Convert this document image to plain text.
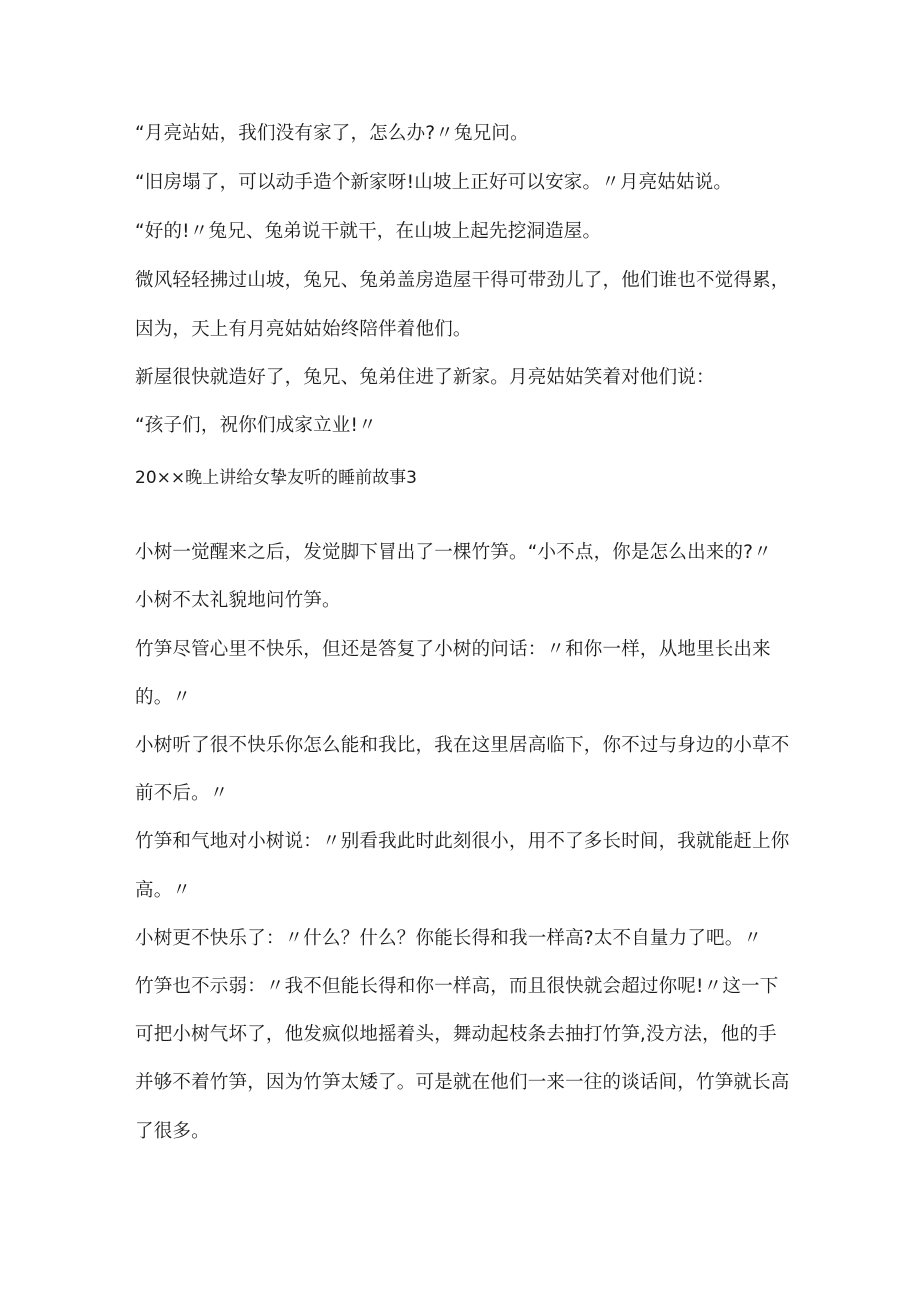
“月亮站姑，我们没有家了，怎么办?〃兔兄问。
“旧房塌了，可以动手造个新家呀!山坡上正好可以安家。〃月亮姑姑说。
“好的!〃兔兄、兔弟说干就干，在山坡上起先挖洞造屋。
微风轻轻拂过山坡，兔兄、兔弟盖房造屋干得可带劲儿了，他们谁也不觉得累，
因为，天上有月亮姑姑始终陪伴着他们。
新屋很快就造好了，兔兄、兔弟住进了新家。月亮姑姑笑着对他们说：
“孩子们，祝你们成家立业!〃
20××晚上讲给女挚友听的睡前故事3
小树一觉醒来之后，发觉脚下冒出了一棵竹笋。“小不点，你是怎么出来的?〃
小树不太礼貌地问竹笋。
竹笋尽管心里不快乐，但还是答复了小树的问话：〃和你一样，从地里长出来
的。〃
小树听了很不快乐你怎么能和我比，我在这里居高临下，你不过与身边的小草不
前不后。〃
竹笋和气地对小树说：〃别看我此时此刻很小，用不了多长时间，我就能赶上你
高。〃
小树更不快乐了：〃什么？什么？你能长得和我一样高?太不自量力了吧。〃
竹笋也不示弱：〃我不但能长得和你一样高，而且很快就会超过你呢!〃这一下
可把小树气坏了，他发疯似地摇着头，舞动起枝条去抽打竹笋,没方法，他的手
并够不着竹笋，因为竹笋太矮了。可是就在他们一来一往的谈话间，竹笋就长高
了很多。
